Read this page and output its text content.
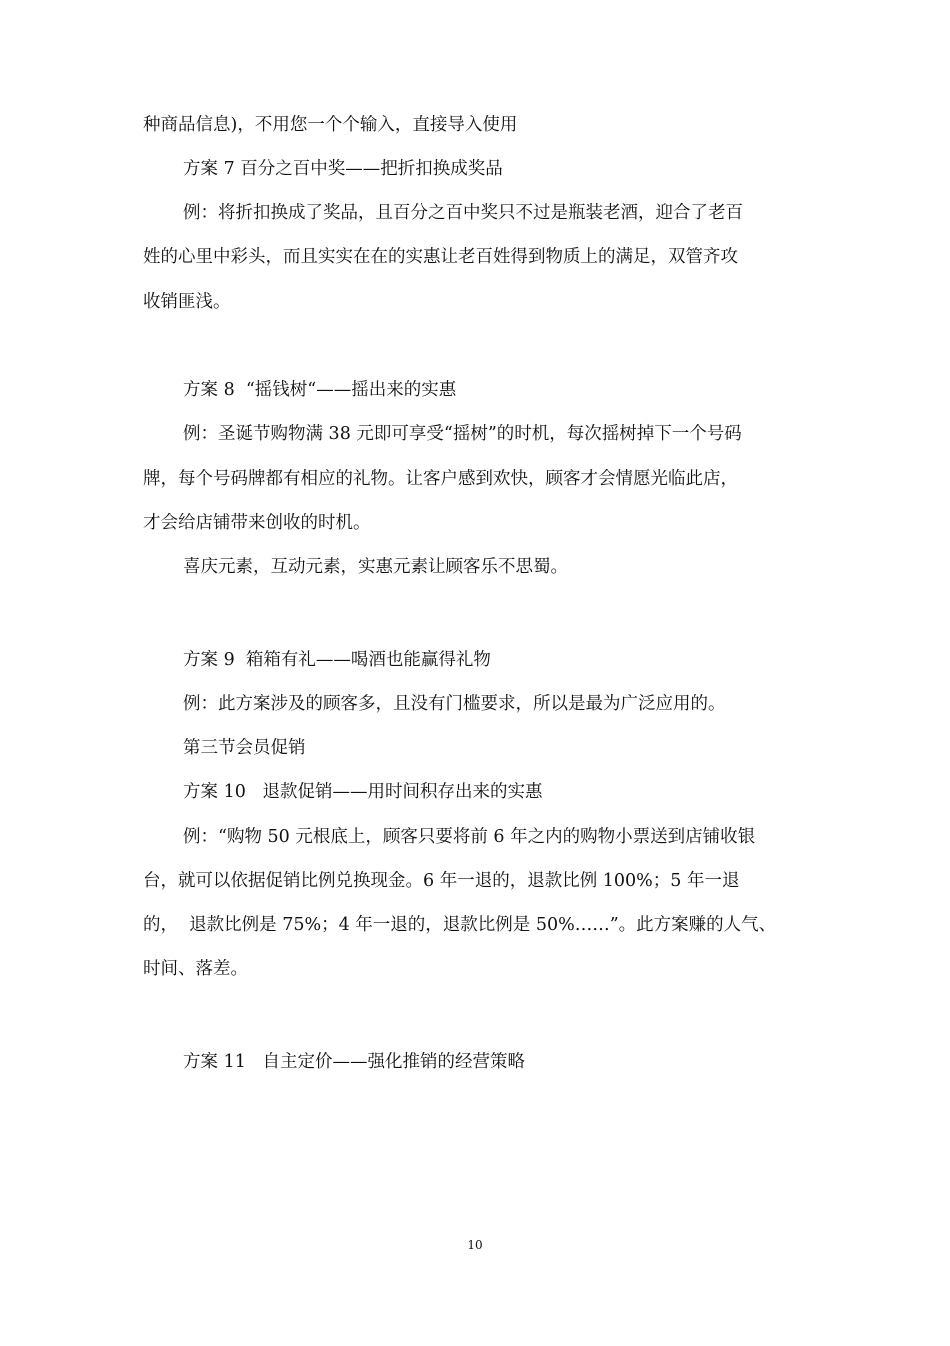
种商品信息)，不用您一个个输入，直接导入使用

方案 7 百分之百中奖——把折扣换成奖品

例：将折扣换成了奖品，且百分之百中奖只不过是瓶装老酒，迎合了老百

姓的心里中彩头，而且实实在在的实惠让老百姓得到物质上的满足，双管齐攻

收销匪浅。

方案 8  “摇钱树“——摇出来的实惠

例：圣诞节购物满 38 元即可享受“摇树”的时机，每次摇树掉下一个号码

牌，每个号码牌都有相应的礼物。让客户感到欢快，顾客才会情愿光临此店，

才会给店铺带来创收的时机。

喜庆元素，互动元素，实惠元素让顾客乐不思蜀。

方案 9  箱箱有礼——喝酒也能赢得礼物

例：此方案涉及的顾客多，且没有门槛要求，所以是最为广泛应用的。

第三节会员促销

方案 10   退款促销——用时间积存出来的实惠

例：“购物 50 元根底上，顾客只要将前 6 年之内的购物小票送到店铺收银

台，就可以依据促销比例兑换现金。6 年一退的，退款比例 100%；5 年一退

的，  退款比例是 75%；4 年一退的，退款比例是 50%……”。此方案赚的人气、

时间、落差。

方案 11   自主定价——强化推销的经营策略

10
